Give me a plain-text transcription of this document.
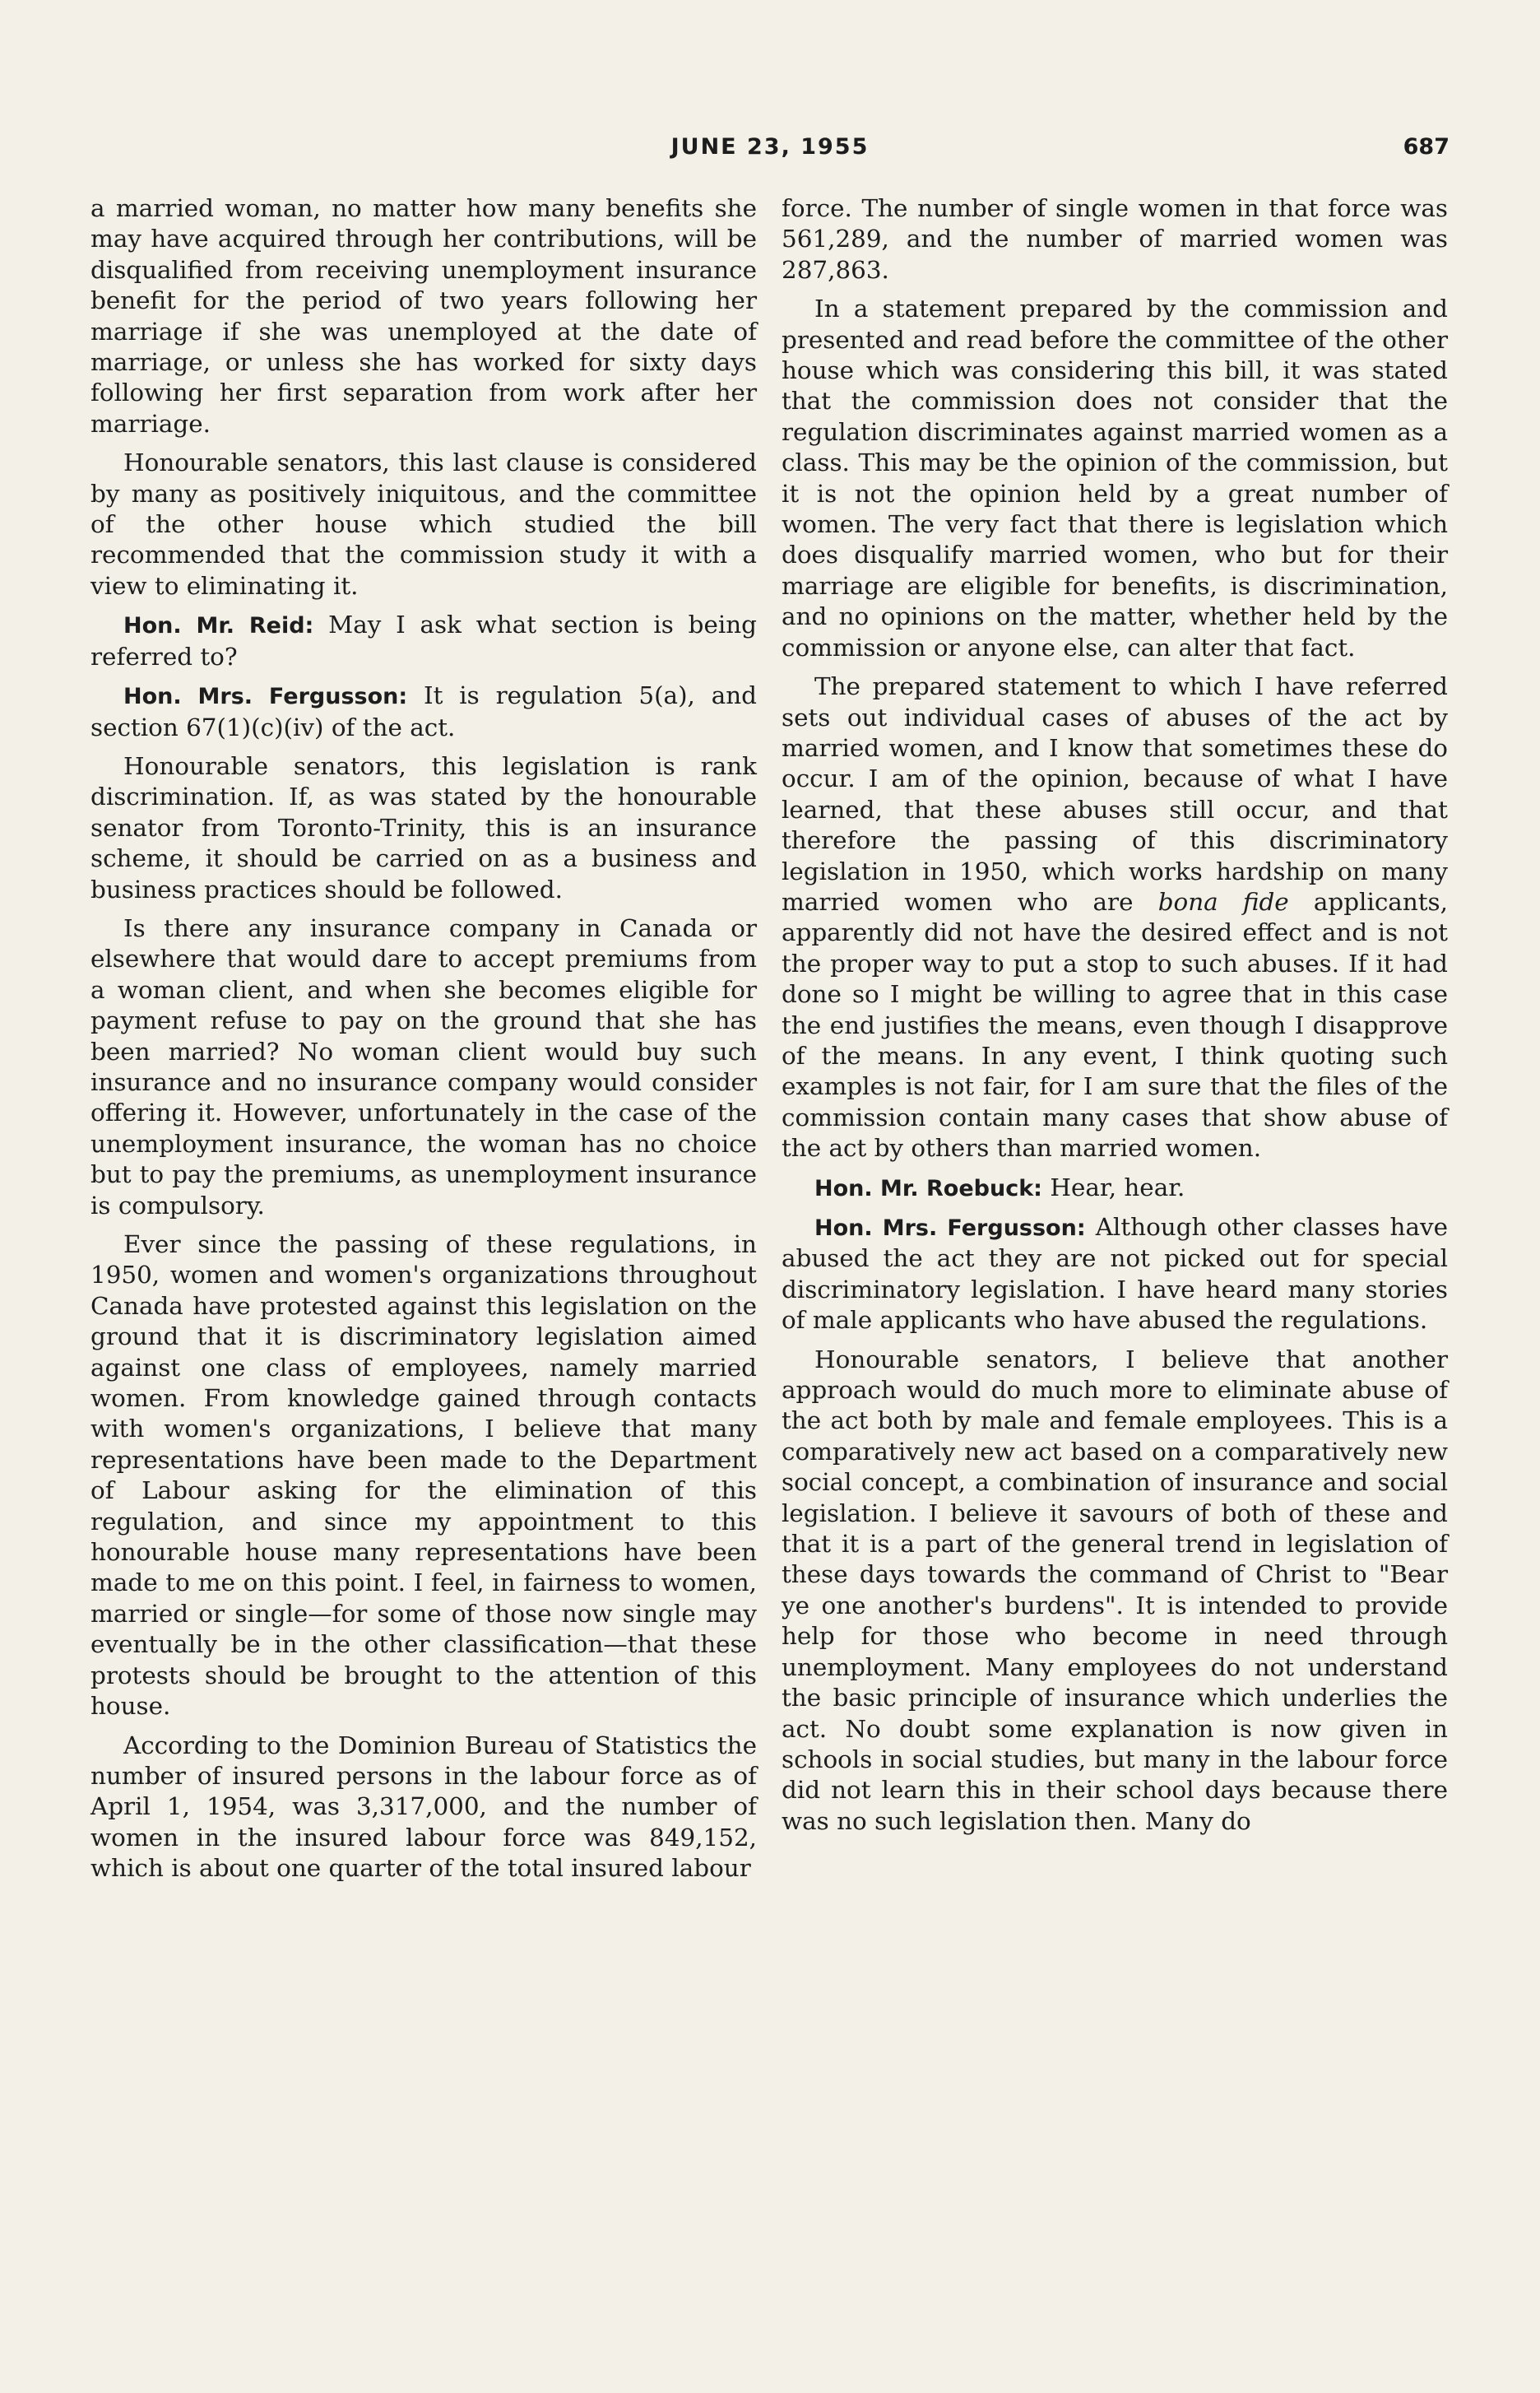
JUNE 23, 1955	687

a married woman, no matter how many benefits she may have acquired through her contributions, will be disqualified from receiving unemployment insurance benefit for the period of two years following her marriage if she was unemployed at the date of marriage, or unless she has worked for sixty days following her first separation from work after her marriage.

Honourable senators, this last clause is considered by many as positively iniquitous, and the committee of the other house which studied the bill recommended that the commission study it with a view to eliminating it.

Hon. Mr. Reid: May I ask what section is being referred to?

Hon. Mrs. Fergusson: It is regulation 5(a), and section 67(1)(c)(iv) of the act.

Honourable senators, this legislation is rank discrimination. If, as was stated by the honourable senator from Toronto-Trinity, this is an insurance scheme, it should be carried on as a business and business practices should be followed.

Is there any insurance company in Canada or elsewhere that would dare to accept premiums from a woman client, and when she becomes eligible for payment refuse to pay on the ground that she has been married? No woman client would buy such insurance and no insurance company would consider offering it. However, unfortunately in the case of the unemployment insurance, the woman has no choice but to pay the premiums, as unemployment insurance is compulsory.

Ever since the passing of these regulations, in 1950, women and women's organizations throughout Canada have protested against this legislation on the ground that it is discriminatory legislation aimed against one class of employees, namely married women. From knowledge gained through contacts with women's organizations, I believe that many representations have been made to the Department of Labour asking for the elimination of this regulation, and since my appointment to this honourable house many representations have been made to me on this point. I feel, in fairness to women, married or single—for some of those now single may eventually be in the other classification—that these protests should be brought to the attention of this house.

According to the Dominion Bureau of Statistics the number of insured persons in the labour force as of April 1, 1954, was 3,317,000, and the number of women in the insured labour force was 849,152, which is about one quarter of the total insured labour

force. The number of single women in that force was 561,289, and the number of married women was 287,863.

In a statement prepared by the commission and presented and read before the committee of the other house which was considering this bill, it was stated that the commission does not consider that the regulation discriminates against married women as a class. This may be the opinion of the commission, but it is not the opinion held by a great number of women. The very fact that there is legislation which does disqualify married women, who but for their marriage are eligible for benefits, is discrimination, and no opinions on the matter, whether held by the commission or anyone else, can alter that fact.

The prepared statement to which I have referred sets out individual cases of abuses of the act by married women, and I know that sometimes these do occur. I am of the opinion, because of what I have learned, that these abuses still occur, and that therefore the passing of this discriminatory legislation in 1950, which works hardship on many married women who are bona fide applicants, apparently did not have the desired effect and is not the proper way to put a stop to such abuses. If it had done so I might be willing to agree that in this case the end justifies the means, even though I disapprove of the means. In any event, I think quoting such examples is not fair, for I am sure that the files of the commission contain many cases that show abuse of the act by others than married women.

Hon. Mr. Roebuck: Hear, hear.

Hon. Mrs. Fergusson: Although other classes have abused the act they are not picked out for special discriminatory legislation. I have heard many stories of male applicants who have abused the regulations.

Honourable senators, I believe that another approach would do much more to eliminate abuse of the act both by male and female employees. This is a comparatively new act based on a comparatively new social concept, a combination of insurance and social legislation. I believe it savours of both of these and that it is a part of the general trend in legislation of these days towards the command of Christ to "Bear ye one another's burdens". It is intended to provide help for those who become in need through unemployment. Many employees do not understand the basic principle of insurance which underlies the act. No doubt some explanation is now given in schools in social studies, but many in the labour force did not learn this in their school days because there was no such legislation then. Many do
